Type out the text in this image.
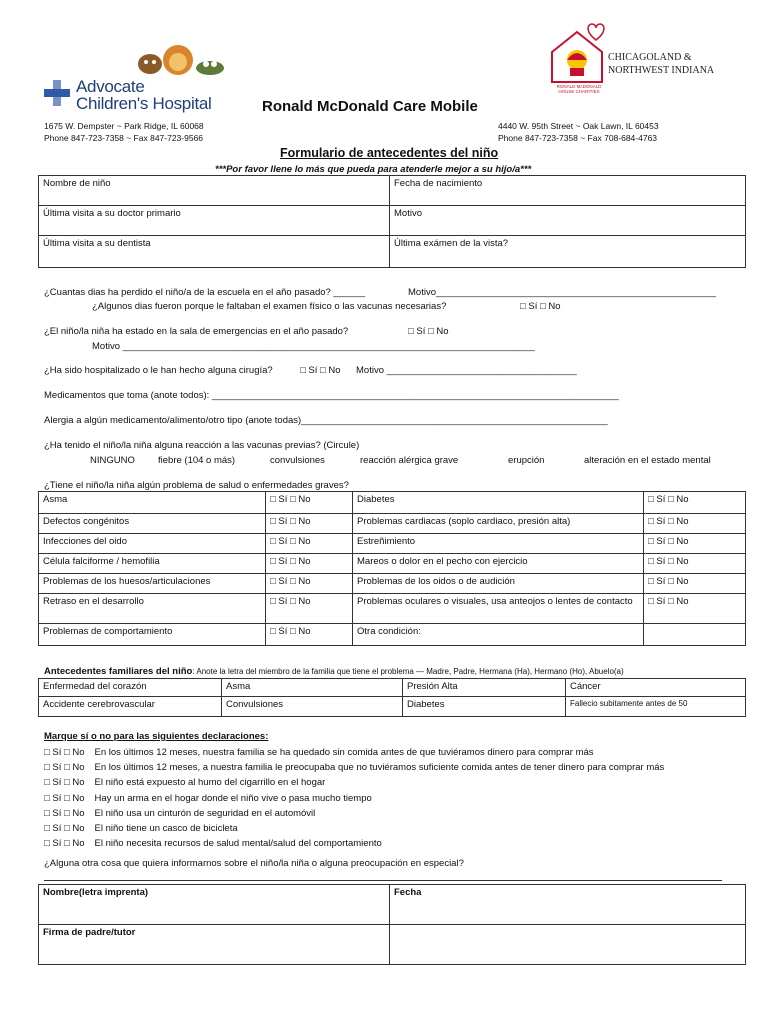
Advocate
Children's Hospital	Ronald McDonald Care Mobile
RONALD McDONALD HOUSE CHARITIES
CHICAGOLAND &
NORTHWEST INDIANA
1675 W. Dempster ~ Park Ridge, IL 60068
Phone 847-723-7358 ~ Fax 847-723-9566
4440 W. 95th Street ~ Oak Lawn, IL 60453
Phone 847-723-7358 ~ Fax 708-684-4763
Formulario de antecedentes del niño
***Por favor llene lo más que pueda para atenderle mejor a su hijo/a***
Nombre de niño	Fecha de nacimiento
Última visita a su doctor primario	Motivo
Última visita a su dentista	Última exámen de la vista?
¿Cuantas dias ha perdido el niño/a de la escuela en el año pasado? ______	Motivo_____________________________________________________
¿Algunos dias fueron porque le faltaban el examen físico o las vacunas necesarias?	□ Sí □ No
¿El niño/la niña ha estado en la sala de emergencias en el año pasado?	□ Sí □ No
Motivo ______________________________________________________________________________
¿Ha sido hospitalizado o le han hecho alguna cirugía?	□ Sí □ No Motivo ____________________________________
Medicamentos que toma (anote todos): _____________________________________________________________________________
Alergia a algún medicamento/alimento/otro tipo (anote todas)__________________________________________________________
¿Ha tenido el niño/la niña alguna reacción a las vacunas previas? (Circule)
NINGUNO fiebre (104 o más)	convulsiones	reacción alérgica grave	erupción	alteración en el estado mental
¿Tiene el niño/la niña algún problema de salud o enfermedades graves?
Asma	□ Sí □ No	Diabetes	□ Sí □ No
Defectos congénitos	□ Sí □ No	Problemas cardiacas (soplo cardiaco, presión alta)	□ Sí □ No
Infecciones del oido	□ Sí □ No	Estreñimiento	□ Sí □ No
Célula falciforme / hemofilia	□ Sí □ No	Mareos o dolor en el pecho con ejercicio	□ Sí □ No
Problemas de los huesos/articulaciones	□ Sí □ No	Problemas de los oidos o de audición	□ Sí □ No
Retraso en el desarrollo	□ Sí □ No	Problemas oculares o visuales, usa anteojos o lentes de contacto	□ Sí □ No
Problemas de comportamiento	□ Sí □ No	Otra condición:	
Antecedentes familiares del niño: Anote la letra del miembro de la familia que tiene el problema — Madre, Padre, Hermana (Ha), Hermano (Ho), Abuelo(a)
Enfermedad del corazón	Asma	Presión Alta	Cáncer
Accidente cerebrovascular	Convulsiones	Diabetes	Fallecio subitamente antes de 50
Marque sí o no para las siguientes declaraciones:
□ Sí □ No En los últimos 12 meses, nuestra familia se ha quedado sin comida antes de que tuviéramos dinero para comprar más
□ Sí □ No En los últimos 12 meses, a nuestra familia le preocupaba que no tuviéramos suficiente comida antes de tener dinero para comprar más
□ Sí □ No El niño está expuesto al humo del cigarrillo en el hogar
□ Sí □ No Hay un arma en el hogar donde el niño vive o pasa mucho tiempo
□ Sí □ No El niño usa un cinturón de seguridad en el automóvil
□ Sí □ No El niño tiene un casco de bicicleta
□ Sí □ No El niño necesita recursos de salud mental/salud del comportamiento
¿Alguna otra cosa que quiera informarnos sobre el niño/la niña o alguna preocupación en especial?
Nombre(letra imprenta)	Fecha
Firma de padre/tutor	
